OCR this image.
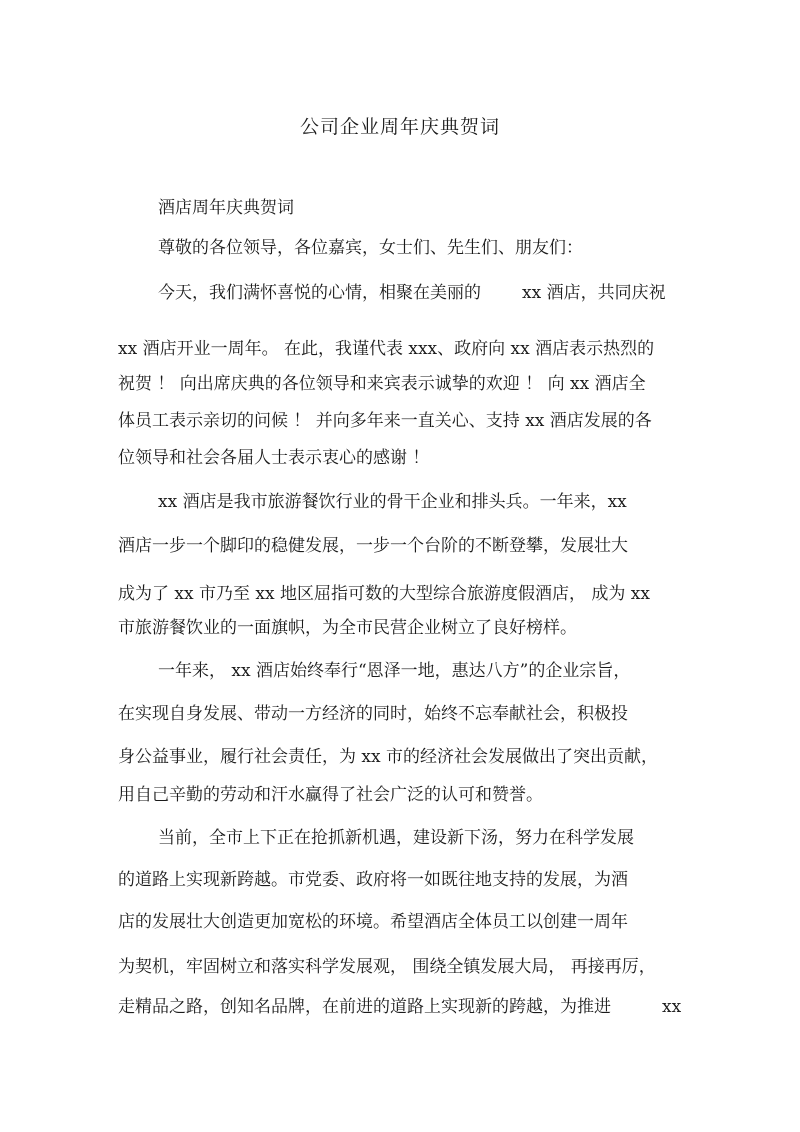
公司企业周年庆典贺词
酒店周年庆典贺词
尊敬的各位领导，各位嘉宾，女士们、先生们、朋友们：
今天，我们满怀喜悦的心情，相聚在美丽的 xx 酒店，共同庆祝
xx 酒店开业一周年。 在此，我谨代表 xxx、政府向 xx 酒店表示热烈的
祝贺 ！ 向出席庆典的各位领导和来宾表示诚挚的欢迎 ！ 向 xx 酒店全
体员工表示亲切的问候 ！ 并向多年来一直关心、支持 xx 酒店发展的各
位领导和社会各届人士表示衷心的感谢 ！
xx 酒店是我市旅游餐饮行业的骨干企业和排头兵。一年来，xx
酒店一步一个脚印的稳健发展，一步一个台阶的不断登攀，发展壮大
成为了 xx 市乃至 xx 地区屈指可数的大型综合旅游度假酒店， 成为 xx
市旅游餐饮业的一面旗帜，为全市民营企业树立了良好榜样。
一年来， xx 酒店始终奉行“恩泽一地，惠达八方”的企业宗旨，
在实现自身发展、带动一方经济的同时，始终不忘奉献社会，积极投
身公益事业，履行社会责任，为 xx 市的经济社会发展做出了突出贡献，
用自己辛勤的劳动和汗水赢得了社会广泛的认可和赞誉。
当前，全市上下正在抢抓新机遇，建设新下汤，努力在科学发展
的道路上实现新跨越。市党委、政府将一如既往地支持的发展，为酒
店的发展壮大创造更加宽松的环境。希望酒店全体员工以创建一周年
为契机，牢固树立和落实科学发展观， 围绕全镇发展大局， 再接再厉，
走精品之路，创知名品牌，在前进的道路上实现新的跨越，为推进	xx
